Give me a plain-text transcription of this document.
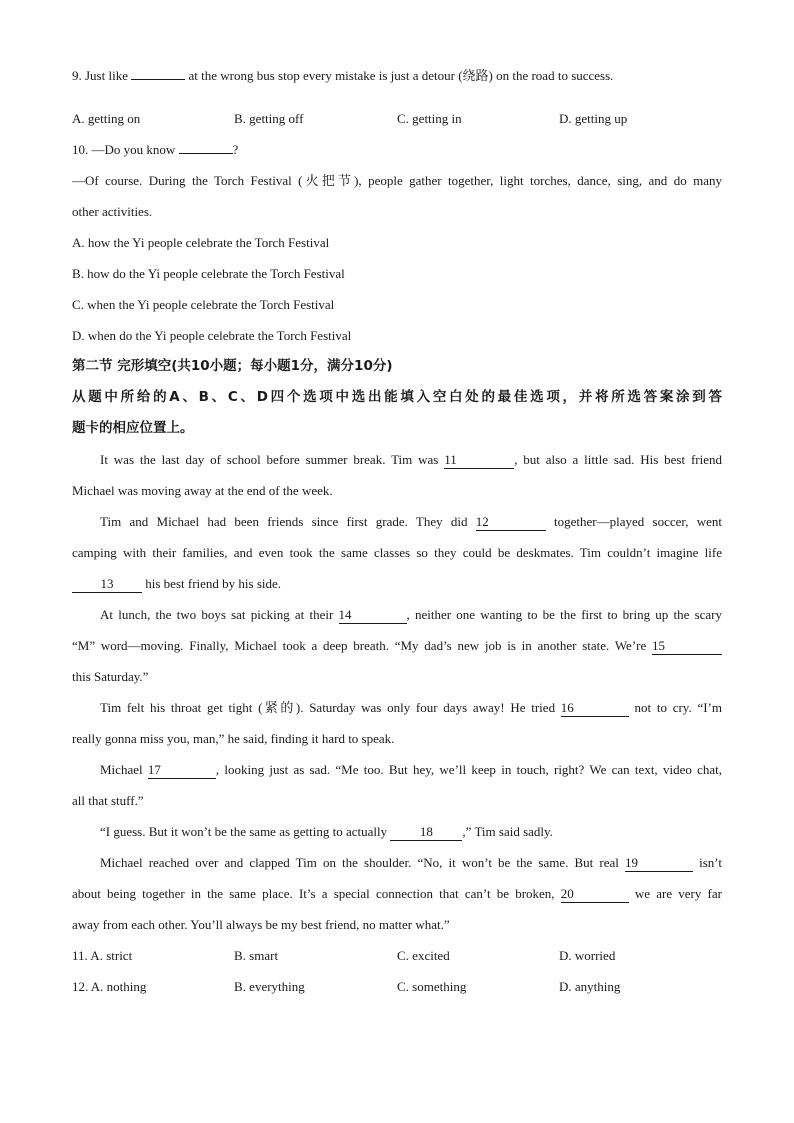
9. Just like	at the wrong bus stop every mistake is just a detour (绕路) on the road to success.
A. getting on	B. getting off	C. getting in	D. getting up
10. —Do you know	?
—Of course. During the Torch Festival (火把节), people gather together, light torches, dance, sing, and do many
other activities.
A. how the Yi people celebrate the Torch Festival
B. how do the Yi people celebrate the Torch Festival
C. when the Yi people celebrate the Torch Festival
D. when do the Yi people celebrate the Torch Festival
第二节 完形填空(共10小题；每小题1分，满分10分)
从题中所给的A、B、C、D四个选项中选出能填入空白处的最佳选项，并将所选答案涂到答
题卡的相应位置上。
It was the last day of school before summer break. Tim was 11	, but also a little sad. His best friend
Michael was moving away at the end of the week.
Tim and Michael had been friends since first grade. They did 12	together—played soccer, went
camping with their families, and even took the same classes so they could be deskmates. Tim couldn’t imagine life
13 his best friend by his side.
At lunch, the two boys sat picking at their 14	, neither one wanting to be the first to bring up the scary
“M” word—moving. Finally, Michael took a deep breath. “My dad’s new job is in another state. We’re 15
this Saturday.”
Tim felt his throat get tight (紧的). Saturday was only four days away! He tried 16	not to cry. “I’m
really gonna miss you, man,” he said, finding it hard to speak.
Michael 17	, looking just as sad. “Me too. But hey, we’ll keep in touch, right? We can text, video chat,
all that stuff.”
“I guess. But it won’t be the same as getting to actually 18 ,” Tim said sadly.
Michael reached over and clapped Tim on the shoulder. “No, it won’t be the same. But real 19	isn’t
about being together in the same place. It’s a special connection that can’t be broken, 20	we are very far
away from each other. You’ll always be my best friend, no matter what.”
11. A. strict	B. smart	C. excited	D. worried
12. A. nothing	B. everything	C. something	D. anything
